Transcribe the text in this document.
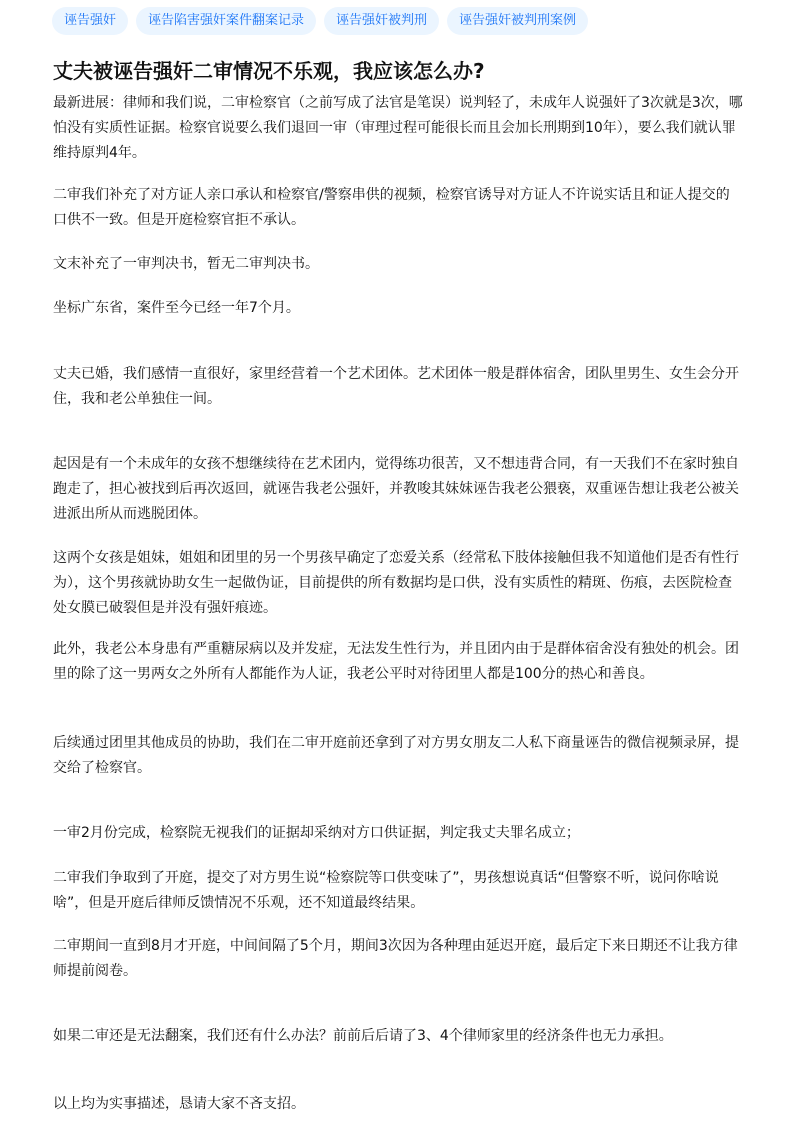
诬告强奸	诬告陷害强奸案件翻案记录	诬告强奸被判刑	诬告强奸被判刑案例
丈夫被诬告强奸二审情况不乐观，我应该怎么办?

最新进展：律师和我们说，二审检察官（之前写成了法官是笔误）说判轻了，未成年人说强奸了3次就是3次，哪怕没有实质性证据。检察官说要么我们退回一审（审理过程可能很长而且会加长刑期到10年），要么我们就认罪维持原判4年。

二审我们补充了对方证人亲口承认和检察官/警察串供的视频，检察官诱导对方证人不许说实话且和证人提交的口供不一致。但是开庭检察官拒不承认。

文末补充了一审判决书，暂无二审判决书。

坐标广东省，案件至今已经一年7个月。

丈夫已婚，我们感情一直很好，家里经营着一个艺术团体。艺术团体一般是群体宿舍，团队里男生、女生会分开住，我和老公单独住一间。

起因是有一个未成年的女孩不想继续待在艺术团内，觉得练功很苦，又不想违背合同，有一天我们不在家时独自跑走了，担心被找到后再次返回，就诬告我老公强奸，并教唆其妹妹诬告我老公猥亵，双重诬告想让我老公被关进派出所从而逃脱团体。

这两个女孩是姐妹，姐姐和团里的另一个男孩早确定了恋爱关系（经常私下肢体接触但我不知道他们是否有性行为），这个男孩就协助女生一起做伪证，目前提供的所有数据均是口供，没有实质性的精斑、伤痕，去医院检查处女膜已破裂但是并没有强奸痕迹。

此外，我老公本身患有严重糖尿病以及并发症，无法发生性行为，并且团内由于是群体宿舍没有独处的机会。团里的除了这一男两女之外所有人都能作为人证，我老公平时对待团里人都是100分的热心和善良。

后续通过团里其他成员的协助，我们在二审开庭前还拿到了对方男女朋友二人私下商量诬告的微信视频录屏，提交给了检察官。

一审2月份完成，检察院无视我们的证据却采纳对方口供证据，判定我丈夫罪名成立；

二审我们争取到了开庭，提交了对方男生说“检察院等口供变味了”，男孩想说真话“但警察不听，说问你啥说啥”，但是开庭后律师反馈情况不乐观，还不知道最终结果。

二审期间一直到8月才开庭，中间间隔了5个月，期间3次因为各种理由延迟开庭，最后定下来日期还不让我方律师提前阅卷。

如果二审还是无法翻案，我们还有什么办法？前前后后请了3、4个律师家里的经济条件也无力承担。

以上均为实事描述，恳请大家不吝支招。
